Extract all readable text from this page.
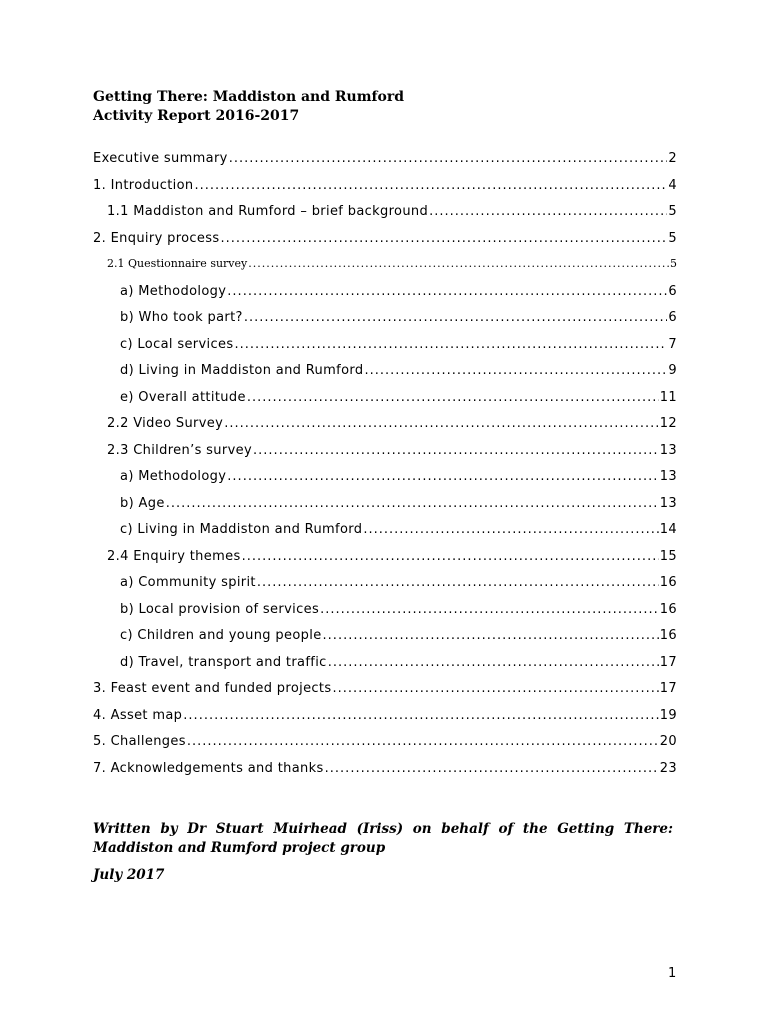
Getting There: Maddiston and Rumford
Activity Report 2016-2017
Executive summary .....	2
1. Introduction .....	4
1.1 Maddiston and Rumford – brief background .....	5
2. Enquiry process .....	5
2.1 Questionnaire survey .....	5
a) Methodology .....	6
b) Who took part? .....	6
c) Local services .....	7
d) Living in Maddiston and Rumford .....	9
e) Overall attitude .....	11
2.2 Video Survey .....	12
2.3 Children’s survey .....	13
a) Methodology .....	13
b) Age .....	13
c) Living in Maddiston and Rumford .....	14
2.4 Enquiry themes .....	15
a) Community spirit .....	16
b) Local provision of services .....	16
c) Children and young people .....	16
d) Travel, transport and traffic .....	17
3. Feast event and funded projects .....	17
4. Asset map .....	19
5. Challenges .....	20
7. Acknowledgements and thanks .....	23
Written by Dr Stuart Muirhead (Iriss) on behalf of the Getting There: Maddiston and Rumford project group
July 2017
1
